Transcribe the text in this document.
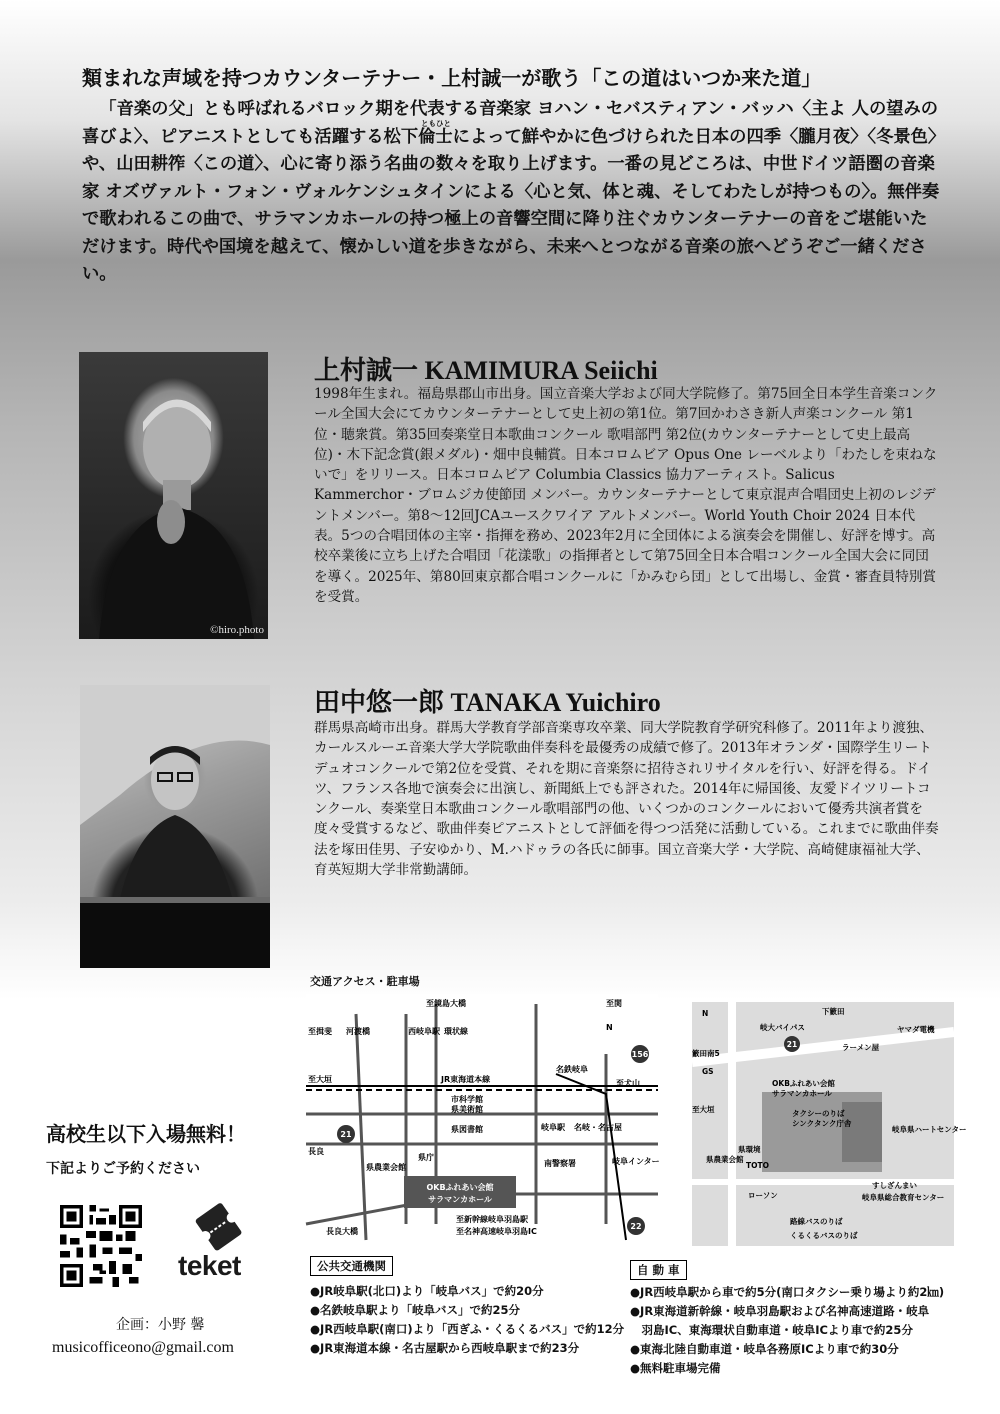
類まれな声域を持つカウンターテナー・上村誠一が歌う「この道はいつか来た道」
ともひと
「音楽の父」とも呼ばれるバロック期を代表する音楽家 ヨハン・セバスティアン・バッハ〈主よ 人の望みの喜びよ〉、ピアニストとしても活躍する松下倫士によって鮮やかに色づけられた日本の四季〈朧月夜〉〈冬景色〉や、山田耕筰〈この道〉、心に寄り添う名曲の数々を取り上げます。一番の見どころは、中世ドイツ語圏の音楽家 オズヴァルト・フォン・ヴォルケンシュタインによる〈心と気、体と魂、そしてわたしが持つもの〉。無伴奏で歌われるこの曲で、サラマンカホールの持つ極上の音響空間に降り注ぐカウンターテナーの音をご堪能いただけます。時代や国境を越えて、懐かしい道を歩きながら、未来へとつながる音楽の旅へどうぞご一緒ください。
©hiro.photo
上村誠一 KAMIMURA Seiichi
1998年生まれ。福島県郡山市出身。国立音楽大学および同大学院修了。第75回全日本学生音楽コンクール全国大会にてカウンターテナーとして史上初の第1位。第7回かわさき新人声楽コンクール 第1位・聴衆賞。第35回奏楽堂日本歌曲コンクール 歌唱部門 第2位(カウンターテナーとして史上最高位)・木下記念賞(銀メダル)・畑中良輔賞。日本コロムビア Opus One レーベルより「わたしを束ねないで」をリリース。日本コロムビア Columbia Classics 協力アーティスト。Salicus Kammerchor・ブロムジカ使節団 メンバー。カウンターテナーとして東京混声合唱団史上初のレジデントメンバー。第8〜12回JCAユースクワイア アルトメンバー。World Youth Choir 2024 日本代表。5つの合唱団体の主宰・指揮を務め、2023年2月に全団体による演奏会を開催し、好評を博す。高校卒業後に立ち上げた合唱団「花漾歌」の指揮者として第75回全日本合唱コンクール全国大会に同団を導く。2025年、第80回東京都合唱コンクールに「かみむら団」として出場し、金賞・審査員特別賞を受賞。
田中悠一郎 TANAKA Yuichiro
群馬県高崎市出身。群馬大学教育学部音楽専攻卒業、同大学院教育学研究科修了。2011年より渡独、カールスルーエ音楽大学大学院歌曲伴奏科を最優秀の成績で修了。2013年オランダ・国際学生リートデュオコンクールで第2位を受賞、それを期に音楽祭に招待されリサイタルを行い、好評を得る。ドイツ、フランス各地で演奏会に出演し、新聞紙上でも評された。2014年に帰国後、友愛ドイツリートコンクール、奏楽堂日本歌曲コンクール歌唱部門の他、いくつかのコンクールにおいて優秀共演者賞を度々受賞するなど、歌曲伴奏ピアニストとして評価を得つつ活発に活動している。これまでに歌曲伴奏法を塚田佳男、子安ゆかり、M.ハドゥラの各氏に師事。国立音楽大学・大学院、高崎健康福祉大学、育英短期大学非常勤講師。
交通アクセス・駐車場
OKBふれあい会館
サラマンカホール
至鏡島大橋	至関
至揖斐 河渡橋	西岐阜駅 環状線
至大垣	JR東海道本線
名鉄岐阜
至犬山
市科学館
県美術館
県図書館
県庁
長良
県農業会館
岐阜駅 名岐・名古屋
南警察署	岐阜インター
至新幹線岐阜羽島駅
至名神高速岐阜羽島IC
長良大橋
N
156
21
22
OKBふれあい会館
サラマンカホール
下籔田
籔田南5
岐大バイパス	ヤマダ電機
ラーメン屋
タクシーのりば
シンクタンク庁舎
岐阜県ハートセンター
県農業会館
県環境
TOTO
すしざんまい
岐阜県総合教育センター
ローソン
路線バスのりば
くるくるバスのりば
至大垣
GS
N
21
公共交通機関
●JR岐阜駅(北口)より「岐阜バス」で約20分
●名鉄岐阜駅より「岐阜バス」で約25分
●JR西岐阜駅(南口)より「西ぎふ・くるくるバス」で約12分
●JR東海道本線・名古屋駅から西岐阜駅まで約23分
自 動 車
●JR西岐阜駅から車で約5分(南口タクシー乗り場より約2㎞)
●JR東海道新幹線・岐阜羽島駅および名神高速道路・岐阜
　羽島IC、東海環状自動車道・岐阜ICより車で約25分
●東海北陸自動車道・岐阜各務原ICより車で約30分
●無料駐車場完備
高校生以下入場無料！
下記よりご予約ください
teket
企画：小野 馨
musicofficeono@gmail.com
